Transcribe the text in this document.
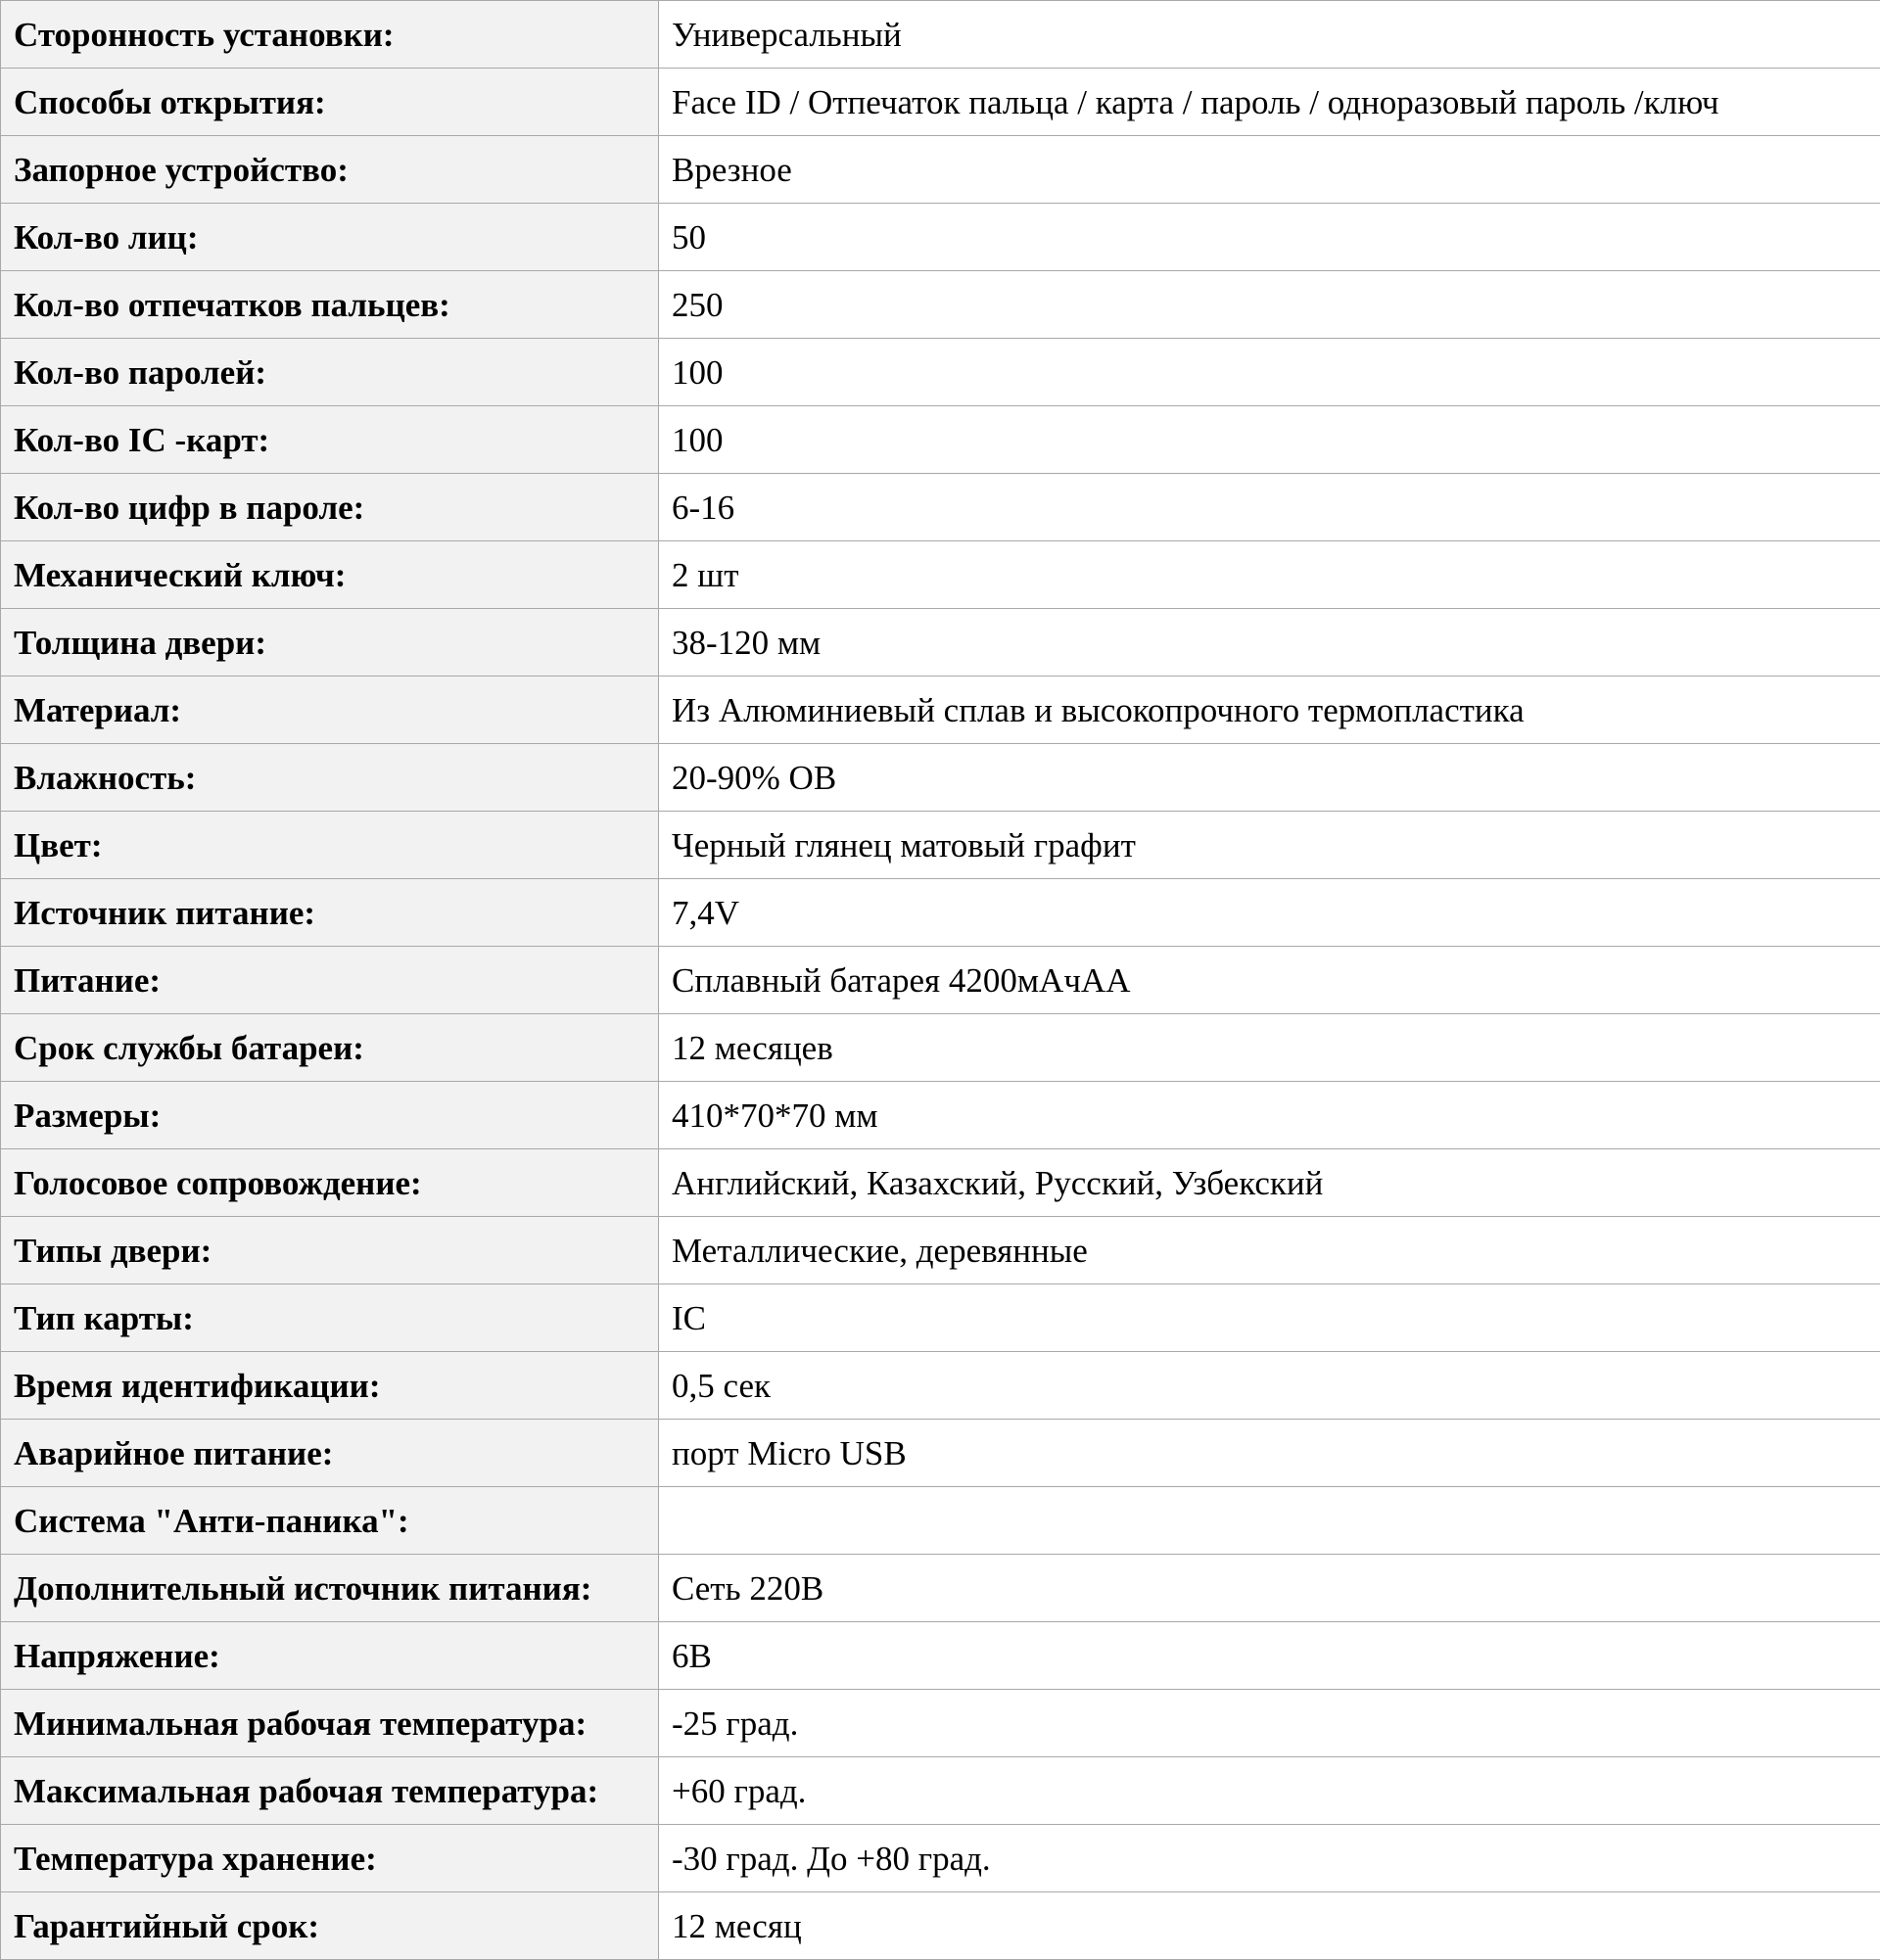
Сторонность установки:	Универсальный
Способы открытия:	Face ID / Отпечаток пальца / карта / пароль / одноразовый пароль /ключ
Запорное устройство:	Врезное
Кол-во лиц:	50
Кол-во отпечатков пальцев:	250
Кол-во паролей:	100
Кол-во IC -карт:	100
Кол-во цифр в пароле:	6-16
Механический ключ:	2 шт
Толщина двери:	38-120 мм
Материал:	Из Алюминиевый сплав и высокопрочного термопластика
Влажность:	20-90% ОВ
Цвет:	Черный глянец матовый графит
Источник питание:	7,4V
Питание:	Сплавный батарея 4200мАчАА
Срок службы батареи:	12 месяцев
Размеры:	410*70*70 мм
Голосовое сопровождение:	Английский, Казахский, Русский, Узбекский
Типы двери:	Металлические, деревянные
Тип карты:	IC
Время идентификации:	0,5 сек
Аварийное питание:	порт Micro USB
Система "Анти-паника":	
Дополнительный источник питания:	Сеть 220В
Напряжение:	6В
Минимальная рабочая температура:	-25 град.
Максимальная рабочая температура:	+60 град.
Температура хранение:	-30 град. До +80 град.
Гарантийный срок:	12 месяц
